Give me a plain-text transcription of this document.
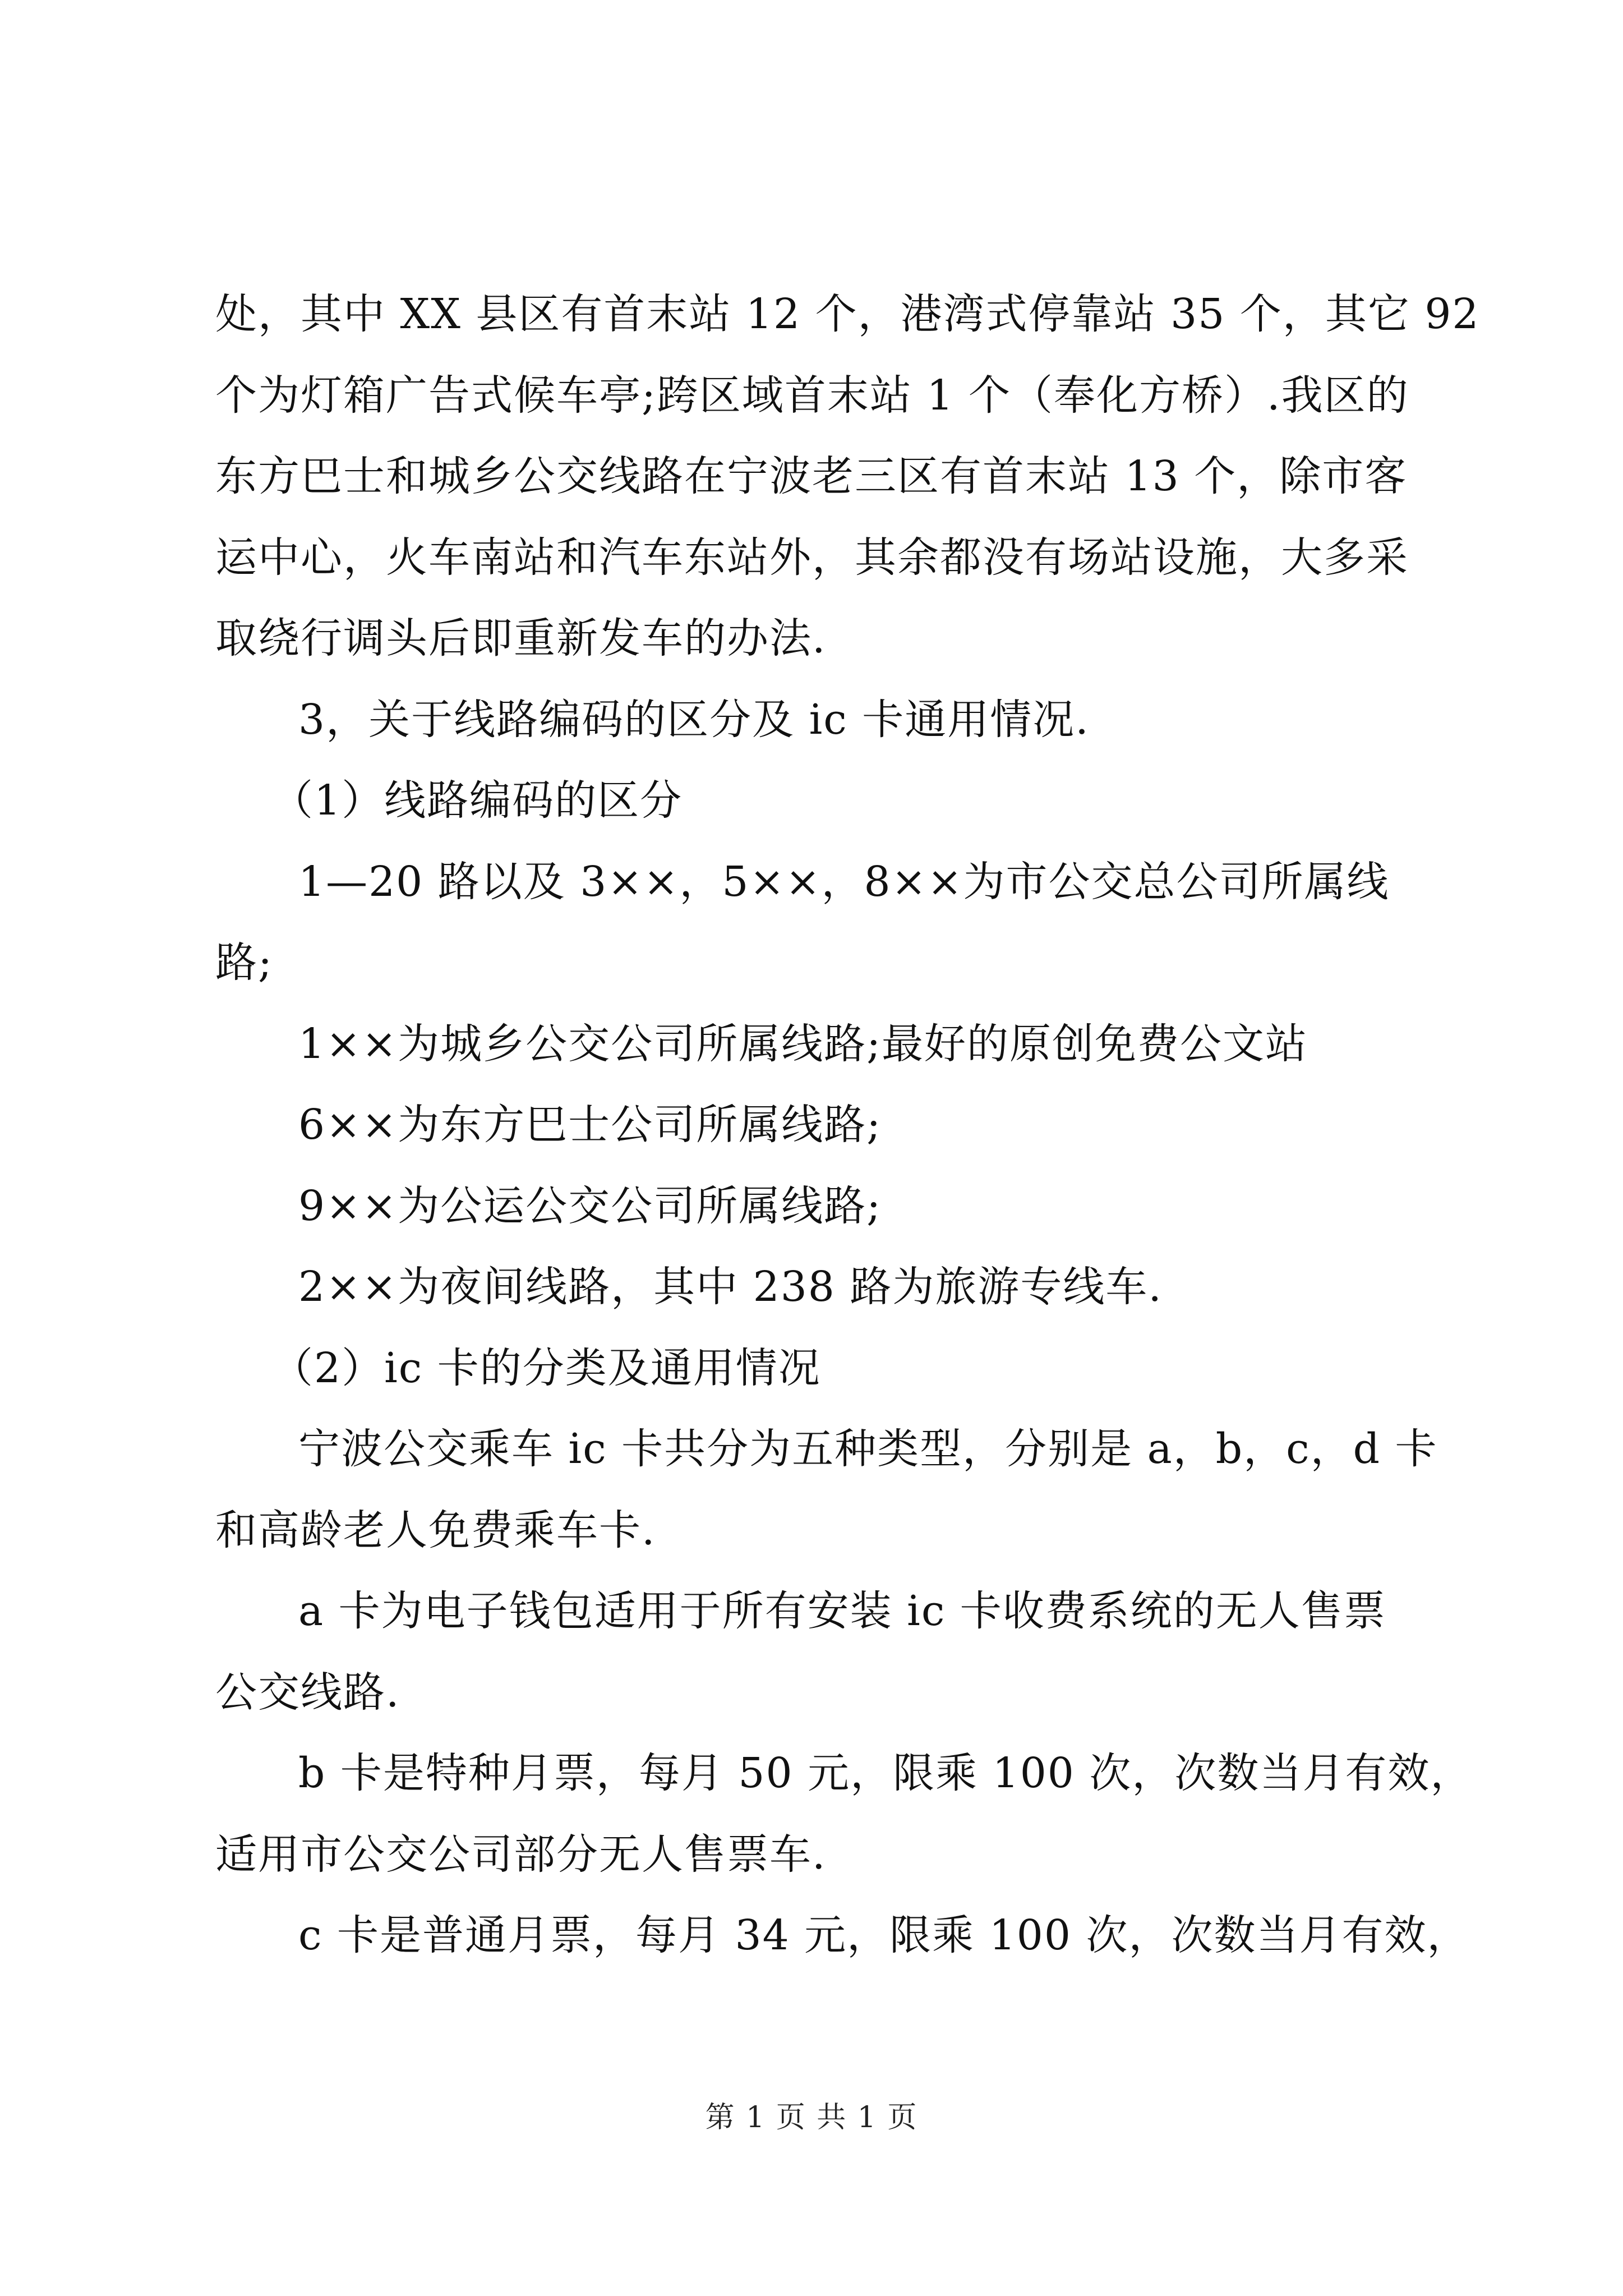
处，其中 XX 县区有首末站 12 个，港湾式停靠站 35 个，其它 92
个为灯箱广告式候车亭;跨区域首末站 1 个（奉化方桥）.我区的
东方巴士和城乡公交线路在宁波老三区有首末站 13 个，除市客
运中心，火车南站和汽车东站外，其余都没有场站设施，大多采
取绕行调头后即重新发车的办法.
3，关于线路编码的区分及 ic 卡通用情况.
（1）线路编码的区分
1—20 路以及 3××，5××，8××为市公交总公司所属线
路;
1××为城乡公交公司所属线路;最好的原创免费公文站
6××为东方巴士公司所属线路;
9××为公运公交公司所属线路;
2××为夜间线路，其中 238 路为旅游专线车.
（2）ic 卡的分类及通用情况
宁波公交乘车 ic 卡共分为五种类型，分别是 a，b，c，d 卡
和高龄老人免费乘车卡.
a 卡为电子钱包适用于所有安装 ic 卡收费系统的无人售票
公交线路.
b 卡是特种月票，每月 50 元，限乘 100 次，次数当月有效，
适用市公交公司部分无人售票车.
c 卡是普通月票，每月 34 元，限乘 100 次，次数当月有效，
第 1 页 共 1 页
